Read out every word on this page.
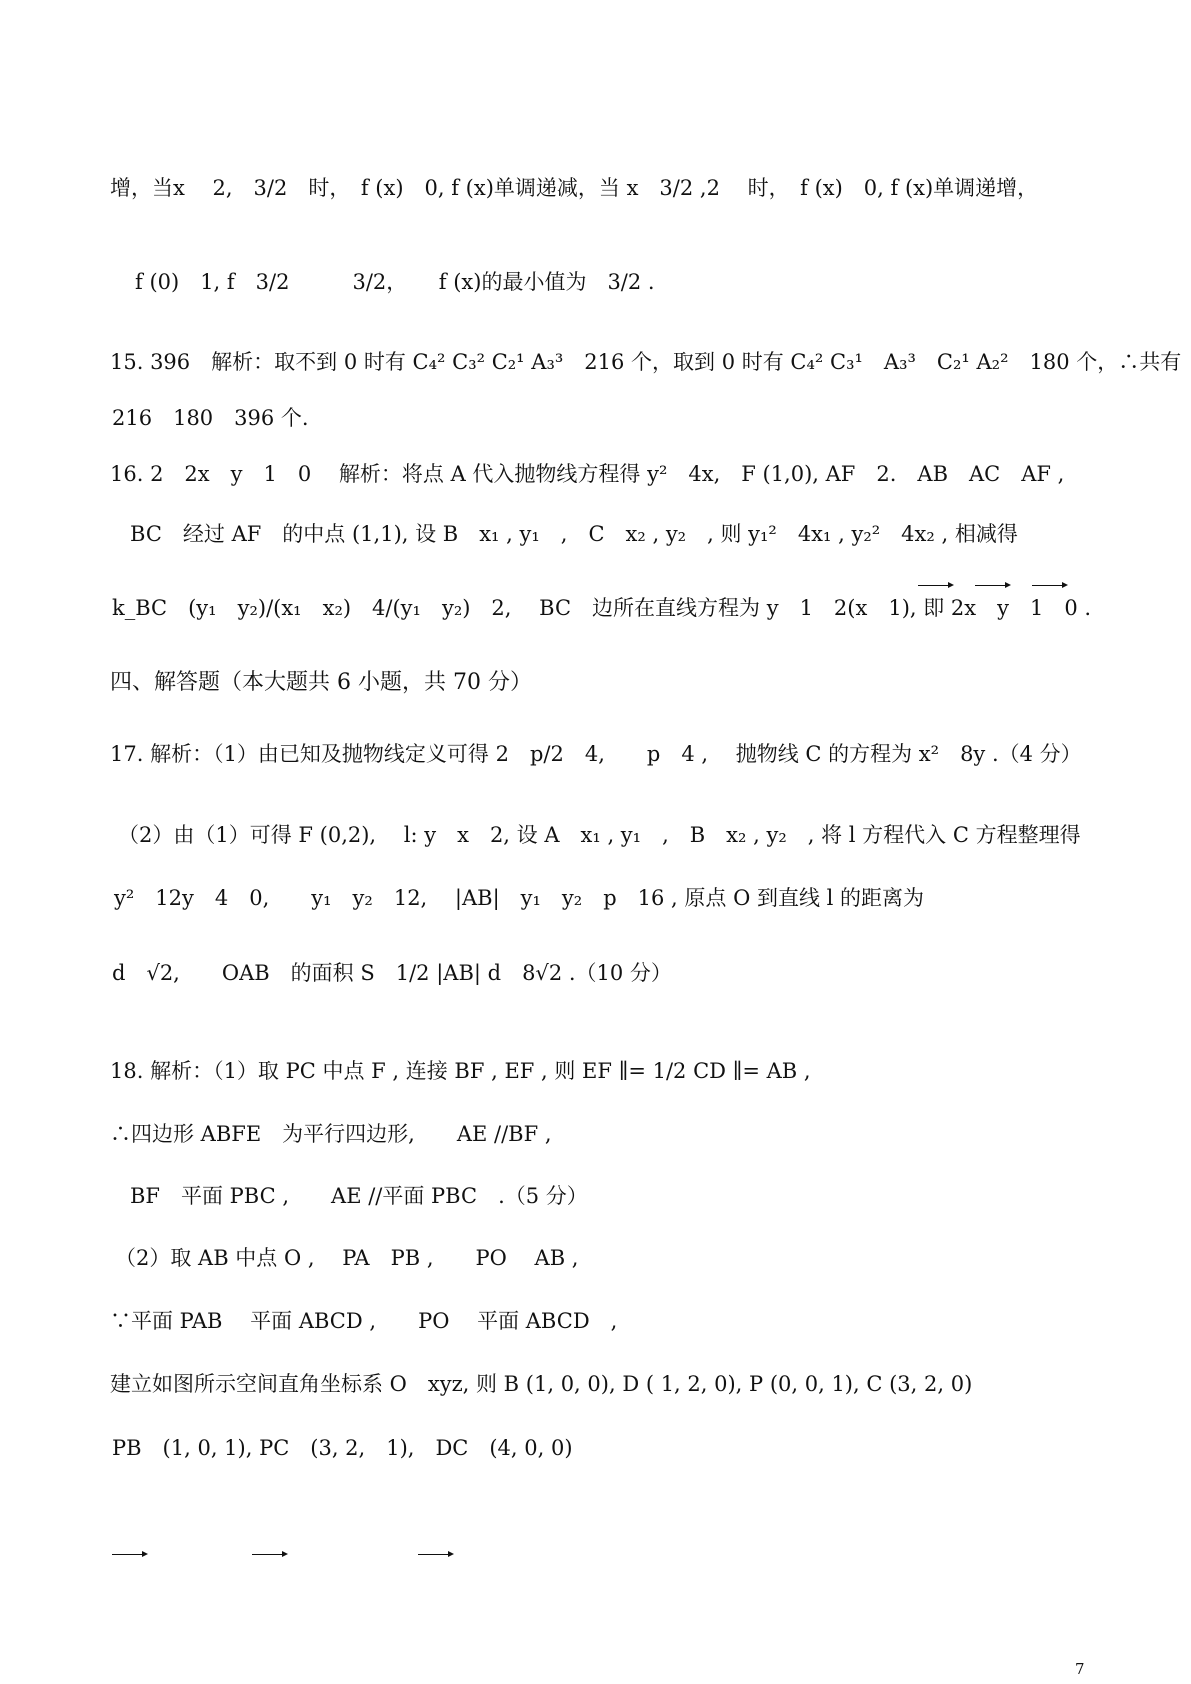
增，当x　 2,　3/2　时，　f (x)　0, f (x)单调递减，当 x　3/2 ,2　 时，　f (x)　0, f (x)单调递增，
f (0)　1, f　3/2　　　3/2，　　f (x)的最小值为　3/2 .
15. 396　解析：取不到 0 时有 C₄² C₃² C₂¹ A₃³　216 个，取到 0 时有 C₄² C₃¹　A₃³　C₂¹ A₂²　180 个，∴共有
216　180　396 个.
16. 2　2x　y　1　0　 解析：将点 A 代入抛物线方程得 y²　4x,　F (1,0), AF　2.　AB　AC　AF ,
BC　经过 AF　的中点 (1,1), 设 B　x₁ , y₁　,　C　x₂ , y₂　, 则 y₁²　4x₁ , y₂²　4x₂ , 相减得
k_BC　(y₁　y₂)/(x₁　x₂)　4/(y₁　y₂)　2,　 BC　边所在直线方程为 y　1　2(x　1), 即 2x　y　1　0 .
四、解答题（本大题共 6 小题，共 70 分）
17. 解析：（1）由已知及抛物线定义可得 2　p/2　4,　　p　4 ,　 抛物线 C 的方程为 x²　8y .（4 分）
（2）由（1）可得 F (0,2),　 l: y　x　2, 设 A　x₁ , y₁　,　B　x₂ , y₂　, 将 l 方程代入 C 方程整理得
y²　12y　4　0,　　y₁　y₂　12,　 |AB|　y₁　y₂　p　16 , 原点 O 到直线 l 的距离为
d　√2,　　OAB　的面积 S　1/2 |AB| d　8√2 .（10 分）
18. 解析：（1）取 PC 中点 F , 连接 BF , EF , 则 EF ∥= 1/2 CD ∥= AB ,
∴四边形 ABFE　为平行四边形,　　AE //BF ,
BF　平面 PBC ,　　AE //平面 PBC　.（5 分）
（2）取 AB 中点 O ,　 PA　PB ,　　PO　 AB ,
∵平面 PAB　 平面 ABCD ,　　PO　 平面 ABCD　,
建立如图所示空间直角坐标系 O　xyz, 则 B (1, 0, 0), D ( 1, 2, 0), P (0, 0, 1), C (3, 2, 0)
PB　(1, 0, 1), PC　(3, 2,　1),　DC　(4, 0, 0)
7
